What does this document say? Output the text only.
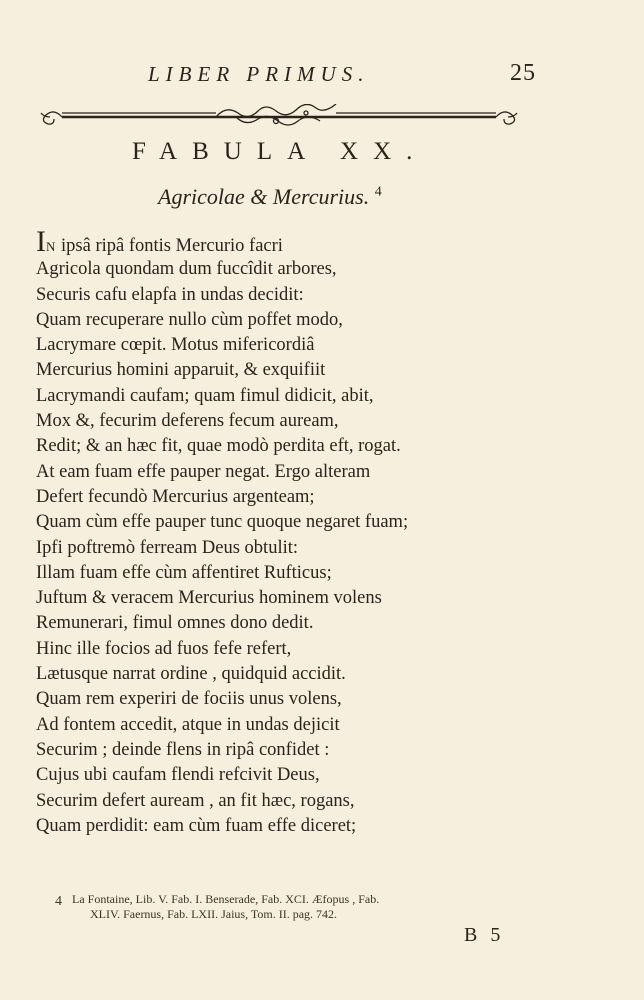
LIBER PRIMUS.	25
FABULA XX.
Agricolae & Mercurius. $^4$
IN ipsâ ripâ fontis Mercurio facri
Agricola quondam dum fuccîdit arbores,
Securis cafu elapfa in undas decidit:
Quam recuperare nullo cùm poffet modo,
Lacrymare cœpit. Motus mifericordiâ
Mercurius homini apparuit, & exquifiit
Lacrymandi caufam; quam fimul didicit, abit,
Mox &, fecurim deferens fecum auream,
Redit; & an hæc fit, quae modò perdita eft, rogat.
At eam fuam effe pauper negat. Ergo alteram
Defert fecundò Mercurius argenteam;
Quam cùm effe pauper tunc quoque negaret fuam;
Ipfi poftremò ferream Deus obtulit:
Illam fuam effe cùm affentiret Rufticus;
Juftum & veracem Mercurius hominem volens
Remunerari, fimul omnes dono dedit.
Hinc ille focios ad fuos fefe refert,
Lætusque narrat ordine , quidquid accidit.
Quam rem experiri de fociis unus volens,
Ad fontem accedit, atque in undas dejicit
Securim ; deinde flens in ripâ confidet :
Cujus ubi caufam flendi refcivit Deus,
Securim defert auream , an fit hæc, rogans,
Quam perdidit: eam cùm fuam effe diceret;
4 La Fontaine, Lib. V. Fab. I. Benserade, Fab. XCI. Æfopus , Fab.
XLIV. Faernus, Fab. LXII. Jaius, Tom. II. pag. 742.
B 5
